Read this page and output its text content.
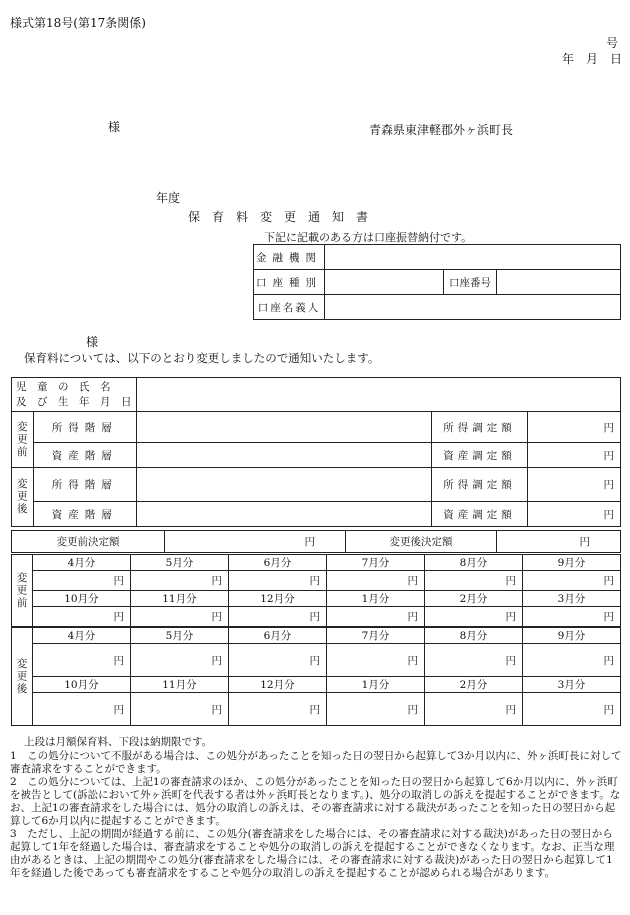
様式第18号(第17条関係)
号
年　月　日
様	青森県東津軽郡外ヶ浜町長
年度
保　育　料　変　更　通　知　書
下記に記載のある方は口座振替納付です。
金融機関			
口座種別		口座番号	
口座名義人			
様
保育料については、以下のとおり変更しましたので通知いたします。
児　童　の　氏　名
及　び　生　年　月　日				

変更前	所得階層		所得調定額	円
	資産階層		資産調定額	円
変更後	所得階層		所得調定額	円
	資産階層		資産調定額	円
変更前決定額	円	変更後決定額	円
変更前	4月分	5月分	6月分	7月分	8月分	9月分
	円	円	円	円	円	円
	10月分	11月分	12月分	1月分	2月分	3月分
	円	円	円	円	円	円
変更後	4月分	5月分	6月分	7月分	8月分	9月分
	円	円	円	円	円	円
	10月分	11月分	12月分	1月分	2月分	3月分
	円	円	円	円	円	円
上段は月額保育料、下段は納期限です。
1　この処分について不服がある場合は、この処分があったことを知った日の翌日から起算して3か月以内に、外ヶ浜町長に対して審査請求をすることができます。
2　この処分については、上記1の審査請求のほか、この処分があったことを知った日の翌日から起算して6か月以内に、外ヶ浜町を被告として(訴訟において外ヶ浜町を代表する者は外ヶ浜町長となります。)、処分の取消しの訴えを提起することができます。なお、上記1の審査請求をした場合には、処分の取消しの訴えは、その審査請求に対する裁決があったことを知った日の翌日から起算して6か月以内に提起することができます。
3　ただし、上記の期間が経過する前に、この処分(審査請求をした場合には、その審査請求に対する裁決)があった日の翌日から起算して1年を経過した場合は、審査請求をすることや処分の取消しの訴えを提起することができなくなります。なお、正当な理由があるときは、上記の期間やこの処分(審査請求をした場合には、その審査請求に対する裁決)があった日の翌日から起算して1年を経過した後であっても審査請求をすることや処分の取消しの訴えを提起することが認められる場合があります。
